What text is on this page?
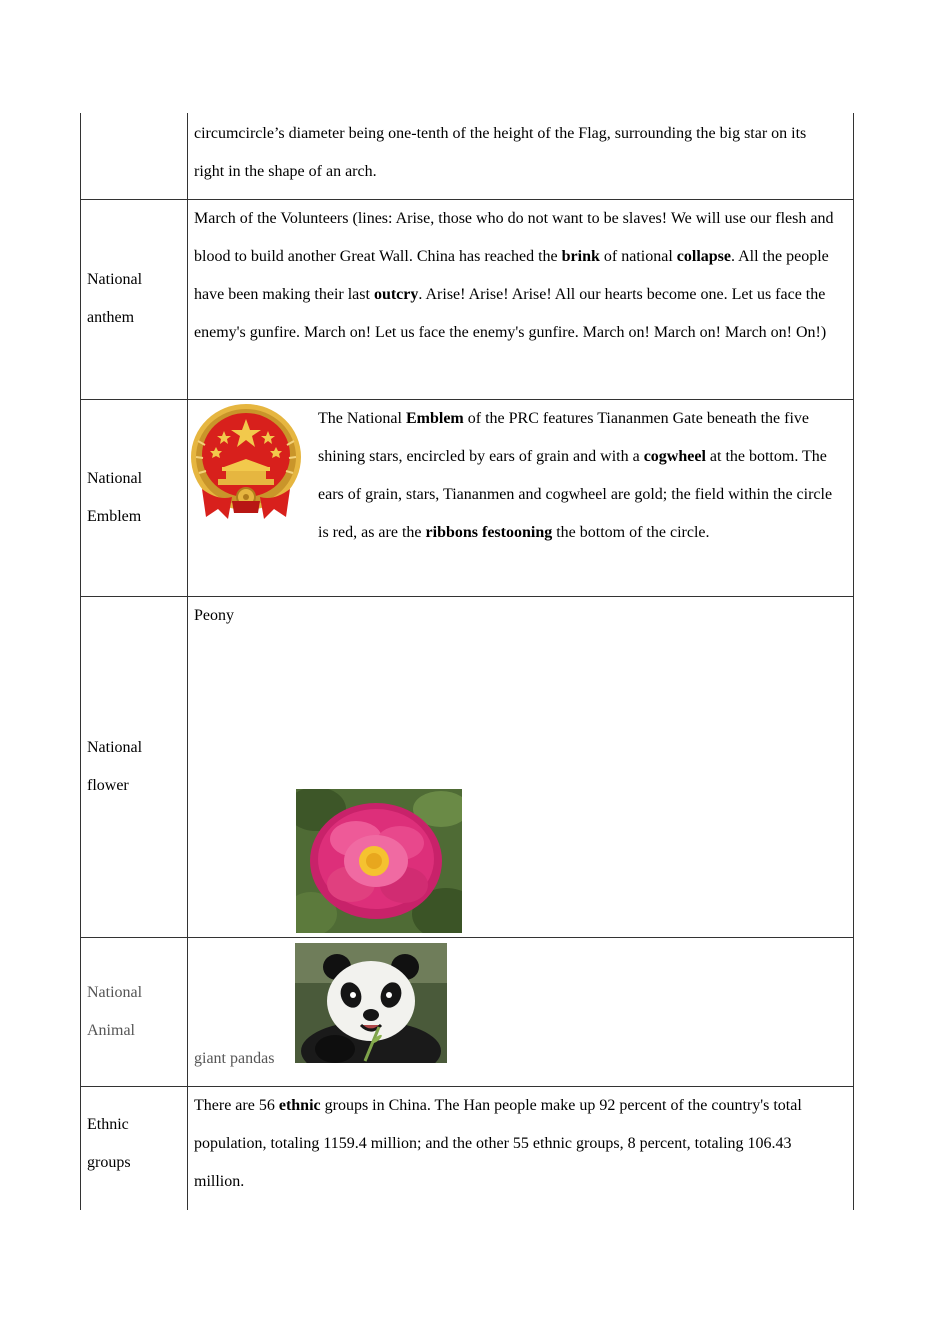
	circumcircle’s diameter being one-tenth of the height of the Flag, surrounding the big star on its
right in the shape of an arch.

National
anthem	March of the Volunteers (lines: Arise, those who do not want to be slaves! We will use our flesh and blood to build another Great Wall. China has reached the brink of national collapse. All the people have been making their last outcry. Arise! Arise! Arise! All our hearts become one. Let us face the enemy's gunfire. March on! Let us face the enemy's gunfire. March on! March on! March on! On!)

National
Emblem	The National Emblem of the PRC features Tiananmen Gate beneath the five shining stars, encircled by ears of grain and with a cogwheel at the bottom. The ears of grain, stars, Tiananmen and cogwheel are gold; the field within the circle is red, as are the ribbons festooning the bottom of the circle.

National
flower	Peony

National
Animal	giant pandas

Ethnic
groups	There are 56 ethnic groups in China. The Han people make up 92 percent of the country's total population, totaling 1159.4 million; and the other 55 ethnic groups, 8 percent, totaling 106.43 million.
